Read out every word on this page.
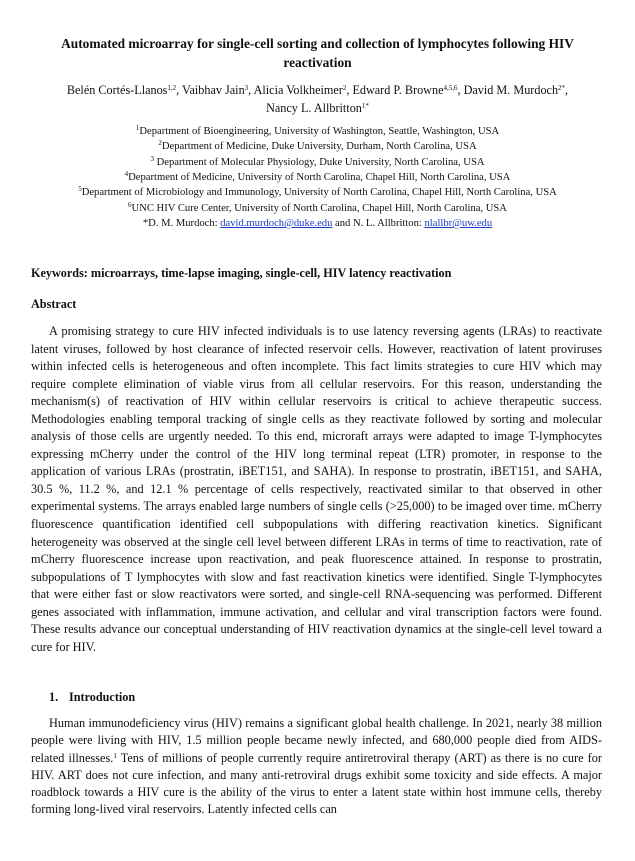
Automated microarray for single-cell sorting and collection of lymphocytes following HIV reactivation
Belén Cortés-Llanos$^{1,2}$, Vaibhav Jain$^3$, Alicia Volkheimer$^2$, Edward P. Browne$^{4,5,6}$, David M. Murdoch$^{2*}$,
Nancy L. Allbritton$^{1*}$
$^1$Department of Bioengineering, University of Washington, Seattle, Washington, USA
$^2$Department of Medicine, Duke University, Durham, North Carolina, USA
$^3$ Department of Molecular Physiology, Duke University, North Carolina, USA
$^4$Department of Medicine, University of North Carolina, Chapel Hill, North Carolina, USA
$^5$Department of Microbiology and Immunology, University of North Carolina, Chapel Hill, North Carolina, USA
$^6$UNC HIV Cure Center, University of North Carolina, Chapel Hill, North Carolina, USA
*D. M. Murdoch: david.murdoch@duke.edu and N. L. Allbritton: nlallbr@uw.edu
Keywords: microarrays, time-lapse imaging, single-cell, HIV latency reactivation
Abstract

A promising strategy to cure HIV infected individuals is to use latency reversing agents (LRAs) to reactivate latent viruses, followed by host clearance of infected reservoir cells. However, reactivation of latent proviruses within infected cells is heterogeneous and often incomplete. This fact limits strategies to cure HIV which may require complete elimination of viable virus from all cellular reservoirs. For this reason, understanding the mechanism(s) of reactivation of HIV within cellular reservoirs is critical to achieve therapeutic success. Methodologies enabling temporal tracking of single cells as they reactivate followed by sorting and molecular analysis of those cells are urgently needed. To this end, microraft arrays were adapted to image T-lymphocytes expressing mCherry under the control of the HIV long terminal repeat (LTR) promoter, in response to the application of various LRAs (prostratin, iBET151, and SAHA). In response to prostratin, iBET151, and SAHA, 30.5 %, 11.2 %, and 12.1 % percentage of cells respectively, reactivated similar to that observed in other experimental systems. The arrays enabled large numbers of single cells (>25,000) to be imaged over time. mCherry fluorescence quantification identified cell subpopulations with differing reactivation kinetics. Significant heterogeneity was observed at the single cell level between different LRAs in terms of time to reactivation, rate of mCherry fluorescence increase upon reactivation, and peak fluorescence attained. In response to prostratin, subpopulations of T lymphocytes with slow and fast reactivation kinetics were identified. Single T-lymphocytes that were either fast or slow reactivators were sorted, and single-cell RNA-sequencing was performed. Different genes associated with inflammation, immune activation, and cellular and viral transcription factors were found. These results advance our conceptual understanding of HIV reactivation dynamics at the single-cell level toward a cure for HIV.

1. Introduction

Human immunodeficiency virus (HIV) remains a significant global health challenge. In 2021, nearly 38 million people were living with HIV, 1.5 million people became newly infected, and 680,000 people died from AIDS-related illnesses.$^1$ Tens of millions of people currently require antiretroviral therapy (ART) as there is no cure for HIV. ART does not cure infection, and many anti-retroviral drugs exhibit some toxicity and side effects. A major roadblock towards a HIV cure is the ability of the virus to enter a latent state within host immune cells, thereby forming long-lived viral reservoirs. Latently infected cells can
